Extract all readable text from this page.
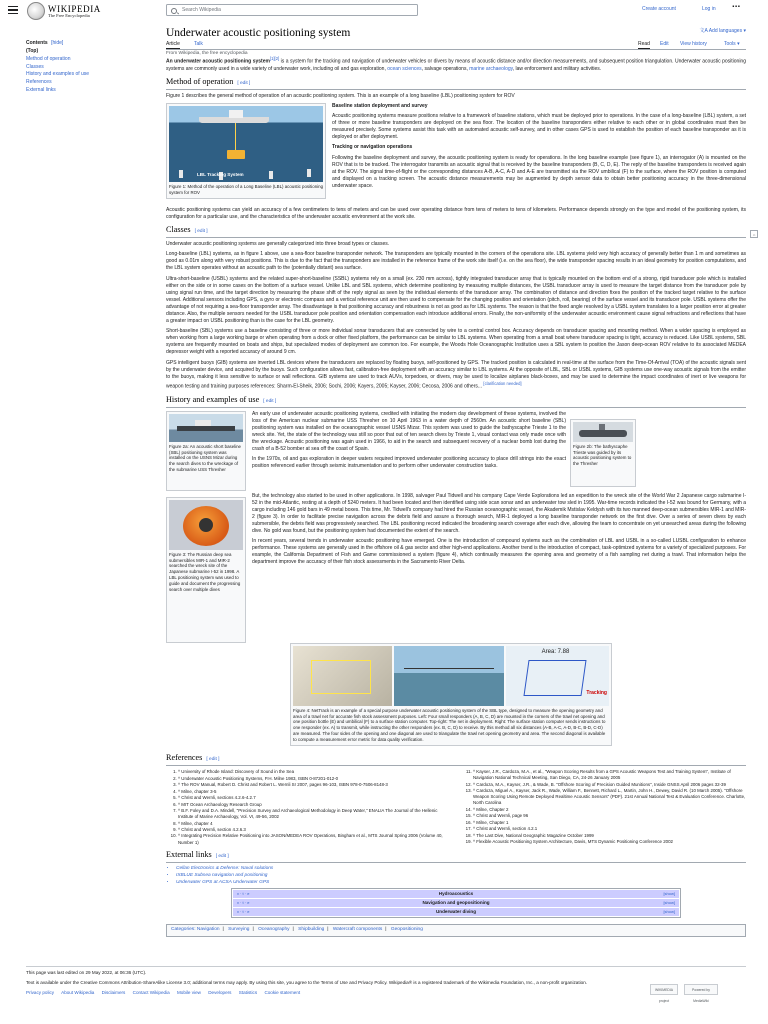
WIKIPEDIA
The Free Encyclopedia
Search Wikipedia	Create account	Log in ⋯
Contents [hide]
(Top)
Method of operation
Classes
History and examples of use
References
External links
⇔
Underwater acoustic positioning system	文A Add languages ▾
Article	Talk	Read Edit View history	Tools ▾
From Wikipedia, the free encyclopedia
An underwater acoustic positioning system[1][2] is a system for the tracking and navigation of underwater vehicles or divers by means of acoustic distance and/or direction measurements, and subsequent position triangulation. Underwater acoustic positioning systems are commonly used in a wide variety of underwater work, including oil and gas exploration, ocean sciences, salvage operations, marine archaeology, law enforcement and military activities.
Method of operation [ edit ]
Figure 1 describes the general method of operation of an acoustic positioning system. This is an example of a long baseline (LBL) positioning system for ROV
LBL Tracking System
Figure 1: Method of the operation of a Long Baseline (LBL) acoustic positioning system for ROV
Baseline station deployment and survey
Acoustic positioning systems measure positions relative to a framework of baseline stations, which must be deployed prior to operations. In the case of a long-baseline (LBL) system, a set of three or more baseline transponders are deployed on the sea floor. The location of the baseline transponders either relative to each other or in global coordinates must then be measured precisely. Some systems assist this task with an automated acoustic self-survey, and in other cases GPS is used to establish the position of each baseline transponder as it is deployed or after deployment.
Tracking or navigation operations
Following the baseline deployment and survey, the acoustic positioning system is ready for operations. In the long baseline example (see figure 1), an interrogator (A) is mounted on the ROV that is to be tracked. The interrogator transmits an acoustic signal that is received by the baseline transponders (B, C, D, E). The reply of the baseline transponders is received again at the ROV. The signal time-of-flight or the corresponding distances A-B, A-C, A-D and A-E are transmitted via the ROV umbilical (F) to the surface, where the ROV position is computed and displayed on a tracking screen. The acoustic distance measurements may be augmented by depth sensor data to obtain better positioning accuracy in the three-dimensional underwater space.
Acoustic positioning systems can yield an accuracy of a few centimeters to tens of meters and can be used over operating distance from tens of meters to tens of kilometers. Performance depends strongly on the type and model of the positioning system, its configuration for a particular use, and the characteristics of the underwater acoustic environment at the work site.
Classes [ edit ]
Underwater acoustic positioning systems are generally categorized into three broad types or classes.
Long-baseline (LBL) systems, as in figure 1 above, use a sea-floor baseline transponder network. The transponders are typically mounted in the corners of the operations site. LBL systems yield very high accuracy of generally better than 1 m and sometimes as good as 0.01m along with very robust positions. This is due to the fact that the transponders are installed in the reference frame of the work site itself (i.e. on the sea floor), the wide transponder spacing results in an ideal geometry for position computations, and the LBL system operates without an acoustic path to the (potentially distant) sea surface.
Ultra-short-baseline (USBL) systems and the related super-short-baseline (SSBL) systems rely on a small (ex. 230 mm across), tightly integrated transducer array that is typically mounted on the bottom end of a strong, rigid transducer pole which is installed either on the side or in some cases on the bottom of a surface vessel. Unlike LBL and SBL systems, which determine positioning by measuring multiple distances, the USBL transducer array is used to measure the target distance from the transducer pole by using signal run time, and the target direction by measuring the phase shift of the reply signal as seen by the individual elements of the transducer array. The combination of distance and direction fixes the position of the tracked target relative to the surface vessel. Additional sensors including GPS, a gyro or electronic compass and a vertical reference unit are then used to compensate for the changing position and orientation (pitch, roll, bearing) of the surface vessel and its transducer pole. USBL systems offer the advantage of not requiring a sea-floor transponder array. The disadvantage is that positioning accuracy and robustness is not as good as for LBL systems. The reason is that the fixed angle resolved by a USBL system translates to a larger position error at greater distance. Also, the multiple sensors needed for the USBL transducer pole position and orientation compensation each introduce additional errors. Finally, the non-uniformity of the underwater acoustic environment cause signal refractions and reflections that have a greater impact on USBL positioning than is the case for the LBL geometry.
Short-baseline (SBL) systems use a baseline consisting of three or more individual sonar transducers that are connected by wire to a central control box. Accuracy depends on transducer spacing and mounting method. When a wider spacing is employed as when working from a large working barge or when operating from a dock or other fixed platform, the performance can be similar to LBL systems. When operating from a small boat where transducer spacing is tight, accuracy is reduced. Like USBL systems, SBL systems are frequently mounted on boats and ships, but specialized modes of deployment are common too. For example, the Woods Hole Oceanographic Institution uses a SBL system to position the Jason deep-ocean ROV relative to its associated MEDEA depressor weight with a reported accuracy of around 9 cm.
GPS intelligent buoys (GIB) systems are inverted LBL devices where the transducers are replaced by floating buoys, self-positioned by GPS. The tracked position is calculated in real-time at the surface from the Time-Of-Arrival (TOA) of the acoustic signals sent by the underwater device, and acquired by the buoys. Such configuration allows fast, calibration-free deployment with an accuracy similar to LBL systems. At the opposite of LBL, SBL or USBL systems, GIB systems use one-way acoustic signals from the emitter to the buoys, making it less sensitive to surface or wall reflections. GIB systems are used to track AUVs, torpedoes, or divers, may be used to localize airplanes black-boxes, and may be used to determine the impact coordinates of inert or live weapons for weapon testing and training purposes references: Sharm-El-Sheik, 2006; Sochi, 2006; Kayers, 2005; Kayser, 2006; Cecosa, 2006 and others... [clarification needed]
History and examples of use [ edit ]
Figure 2a: An acoustic short baseline (SBL) positioning system was installed on the USNS Mizar during the search dives to the wreckage of the submarine USS Thresher
Figure 3: The Russian deep sea submersibles MIR-1 and MIR-2 searched the wreck site of the Japanese submarine I-52 in 1998. A LBL positioning system was used to guide and document the progressing search over multiple dives
Figure 2b: The bathyscaphe Trieste was guided by its acoustic positioning system to the Thresher
An early use of underwater acoustic positioning systems, credited with initiating the modern day development of these systems, involved the loss of the American nuclear submarine USS Thresher on 10 April 1963 in a water depth of 2560m. An acoustic short baseline (SBL) positioning system was installed on the oceanographic vessel USNS Mizar. This system was used to guide the bathyscaphe Trieste 1 to the wreck site. Yet, the state of the technology was still so poor that out of ten search dives by Trieste 1, visual contact was only made once with the wreckage. Acoustic positioning was again used in 1966, to aid in the search and subsequent recovery of a nuclear bomb lost during the crash of a B-52 bomber at sea off the coast of Spain.
In the 1970s, oil and gas exploration in deeper waters required improved underwater positioning accuracy to place drill strings into the exact position referenced earlier through seismic instrumentation and to perform other underwater construction tasks.
But, the technology also started to be used in other applications. In 1998, salvager Paul Tidwell and his company Cape Verde Explorations led an expedition to the wreck site of the World War 2 Japanese cargo submarine I-52 in the mid-Atlantic, resting at a depth of 5240 meters. It had been located and then identified using side scan sonar and an underwater tow sled in 1995. War-time records indicated the I-52 was bound for Germany, with a cargo including 146 gold bars in 49 metal boxes. This time, Mr. Tidwell's company had hired the Russian oceanographic vessel, the Akademik Mstislav Keldysh with its two manned deep-ocean submersibles MIR-1 and MIR-2 (figure 3). In order to facilitate precise navigation across the debris field and assure a thorough search, MIR-1 deployed a long baseline transponder network on the first dive. Over a series of seven dives by each submersible, the debris field was progressively searched. The LBL positioning record indicated the broadening search coverage after each dive, allowing the team to concentrate on yet unsearched areas during the following dive. No gold was found, but the positioning system had documented the extent of the search.
In recent years, several trends in underwater acoustic positioning have emerged. One is the introduction of compound systems such as the combination of LBL and USBL in a so-called LUSBL configuration to enhance performance. These systems are generally used in the offshore oil & gas sector and other high-end applications. Another trend is the introduction of compact, task-optimized systems for a variety of specialized purposes. For example, the California Department of Fish and Game commissioned a system (figure 4), which continually measures the opening area and geometry of a fish sampling net during a trawl. That information helps the department improve the accuracy of their fish stock assessments in the Sacramento River Delta.
Area: 7.88
Tracking
Figure 4: NetTrack is an example of a special purpose underwater acoustic positioning system of the SBL type, designed to measure the opening geometry and area of a trawl net for accurate fish stock assessment purposes. Left: Four small responders (A, B, C, D) are mounted in the corners of the trawl net opening and one position bottle (E) and umbilical (F) to a surface station computer. Top-right: The net in deployment. Right: The surface station computer sends instructions to one responder (ex. A) to transmit, while instructing the other responders (ex. B, C, D) to receive. By this method all six distances (A-B, A-C, A-D, B-C, B-D, C-D) are measured. The four sides of the opening and one diagonal are used to triangulate the trawl net opening geometry and area. The second diagonal is available to compute a measurement error metric for data quality verification.
References [ edit ]
1. ^ University of Rhode Island: Discovery of Sound in the Sea
2. ^ Underwater Acoustic Positioning Systems, P.H. Milne 1983, ISBN 0-87201-012-0
3. ^ The ROV Manual, Robert D. Christ and Robert L. Wernli Sr 2007, pages 96-103, ISBN 978-0-7506-8148-3
4. ^ Milne, chapter 3-5
5. ^ Christ and Wernli, sections 4.2.6-4.2.7
6. ^ MIT Ocean Archaeology Research Group
7. ^ B.F. Foley and D.A. Mindell, "Precision Survey and Archaeological Methodology in Deep Water," ENALIA The Journal of the Hellenic Institute of Marine Archaeology, Vol. VI, 49-56, 2002
8. ^ Milne, chapter 4
9. ^ Christ and Wernli, section 4.2.6.3
10. ^ Integrating Precision Relative Positioning into JASON/MEDEA ROV Operations, Bingham et al., MTS Journal Spring 2006 (Volume 40, Number 1)
11. ^ Kayser, J.R., Cardoza, M.A., et al., "Weapon Scoring Results from a GPS Acoustic Weapons Test and Training System", Institute of Navigation National Technical Meeting, San Diego, CA, 24-26 January 2005
12. ^ Cardoza, M.A., Kayser, J.R., & Wade, B. "Offshore Scoring of Precision Guided Munitions", Inside GNSS April 2006 pages 32-39
13. ^ Cardoza, Miguel A., Kayser, Jack R., Wade, William F., Bennett, Richard L., Martin, John H., Dewey, David R. (10 March 2005). "Offshore Weapon Scoring Using Remote Deployed Realtime Acoustic Sensors" (PDF). 21st Annual National Test & Evaluation Conference. Charlotte, North Carolina
14. ^ Milne, Chapter 2
15. ^ Christ and Wernli, page 96
16. ^ Milne, Chapter 1
17. ^ Christ and Wernli, section 4.2.1
18. ^ The Last Dive, National Geographic Magazine October 1999
19. ^ Flexible Acoustic Positioning System Architecture, Davis, MTS Dynamic Positioning Conference 2002
External links [ edit ]
• Cellan Electronics & Defense: Naval solutions
• IXBLUE Subsea navigation and positioning
• Underwater GPS at ACSA Underwater GPS
v · t · e	Hydroacoustics	[show]
v · t · e	Navigation and geopositioning	[show]
v · t · e	Underwater diving	[show]
Categories: Navigation | Surveying | Oceanography | Shipbuilding | Watercraft components | Geopositioning
This page was last edited on 29 May 2022, at 06:36 (UTC).
Text is available under the Creative Commons Attribution-ShareAlike License 3.0; additional terms may apply. By using this site, you agree to the Terms of Use and Privacy Policy. Wikipedia® is a registered trademark of the Wikimedia Foundation, Inc., a non-profit organization.
Privacy policy About Wikipedia Disclaimers Contact Wikipedia Mobile view Developers Statistics Cookie statement
WIKIMEDIA project
Powered by MediaWiki
